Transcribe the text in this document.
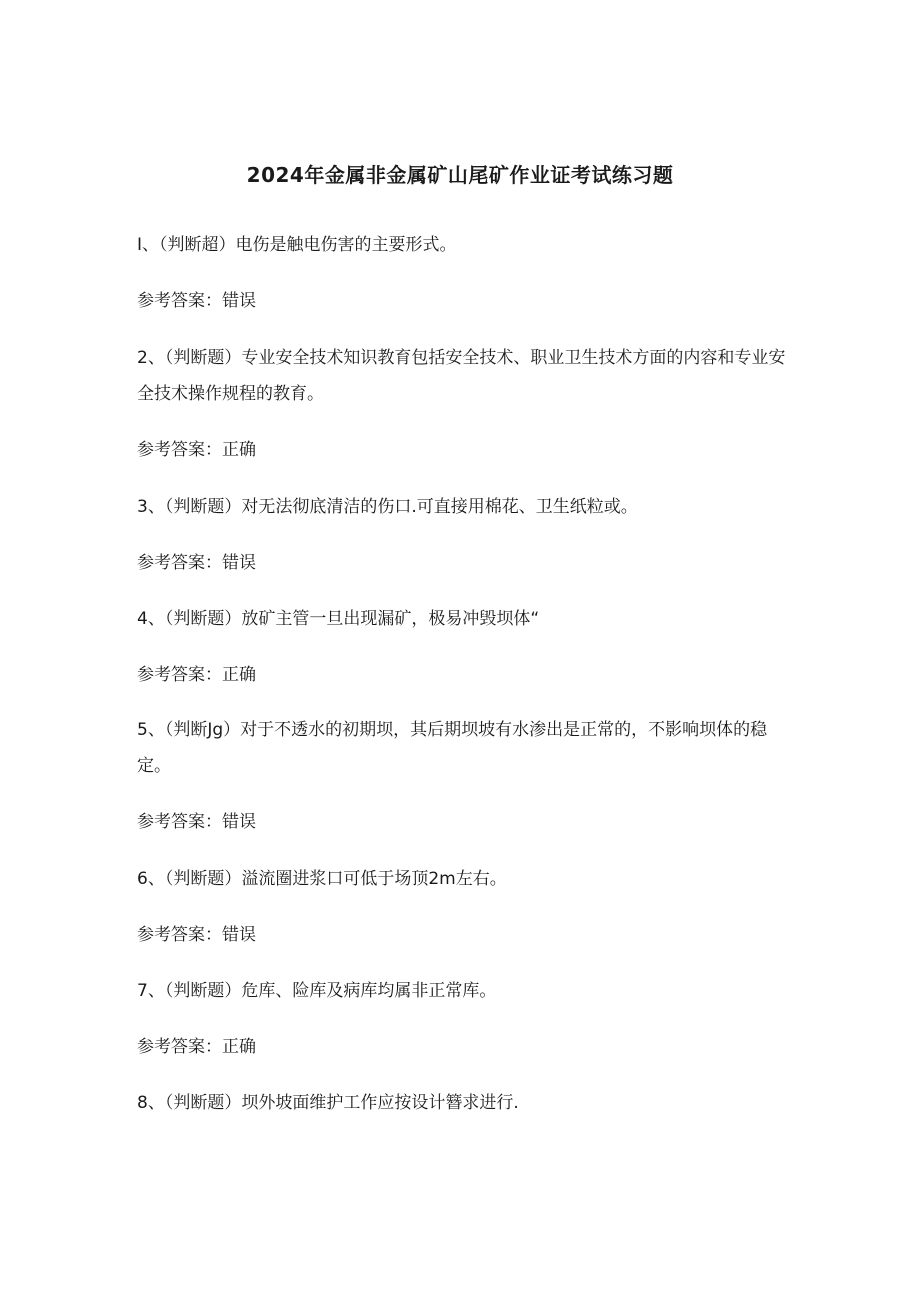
2024年金属非金属矿山尾矿作业证考试练习题

I、（判断超）电伤是触电伤害的主要形式。

参考答案：错误

2、（判断题）专业安全技术知识教育包括安全技术、职业卫生技术方面的内容和专业安全技术操作规程的教育。

参考答案：正确

3、（判断题）对无法彻底清洁的伤口.可直接用棉花、卫生纸粒或。

参考答案：错误

4、（判断题）放矿主管一旦出现漏矿，极易冲毁坝体“

参考答案：正确

5、（判断Jg）对于不透水的初期坝，其后期坝坡有水渗出是正常的，不影响坝体的稳定。

参考答案：错误

6、（判断题）溢流圈进浆口可低于场顶2m左右。

参考答案：错误

7、（判断题）危库、险库及病库均属非正常库。

参考答案：正确

8、（判断题）坝外坡面维护工作应按设计簪求进行.
